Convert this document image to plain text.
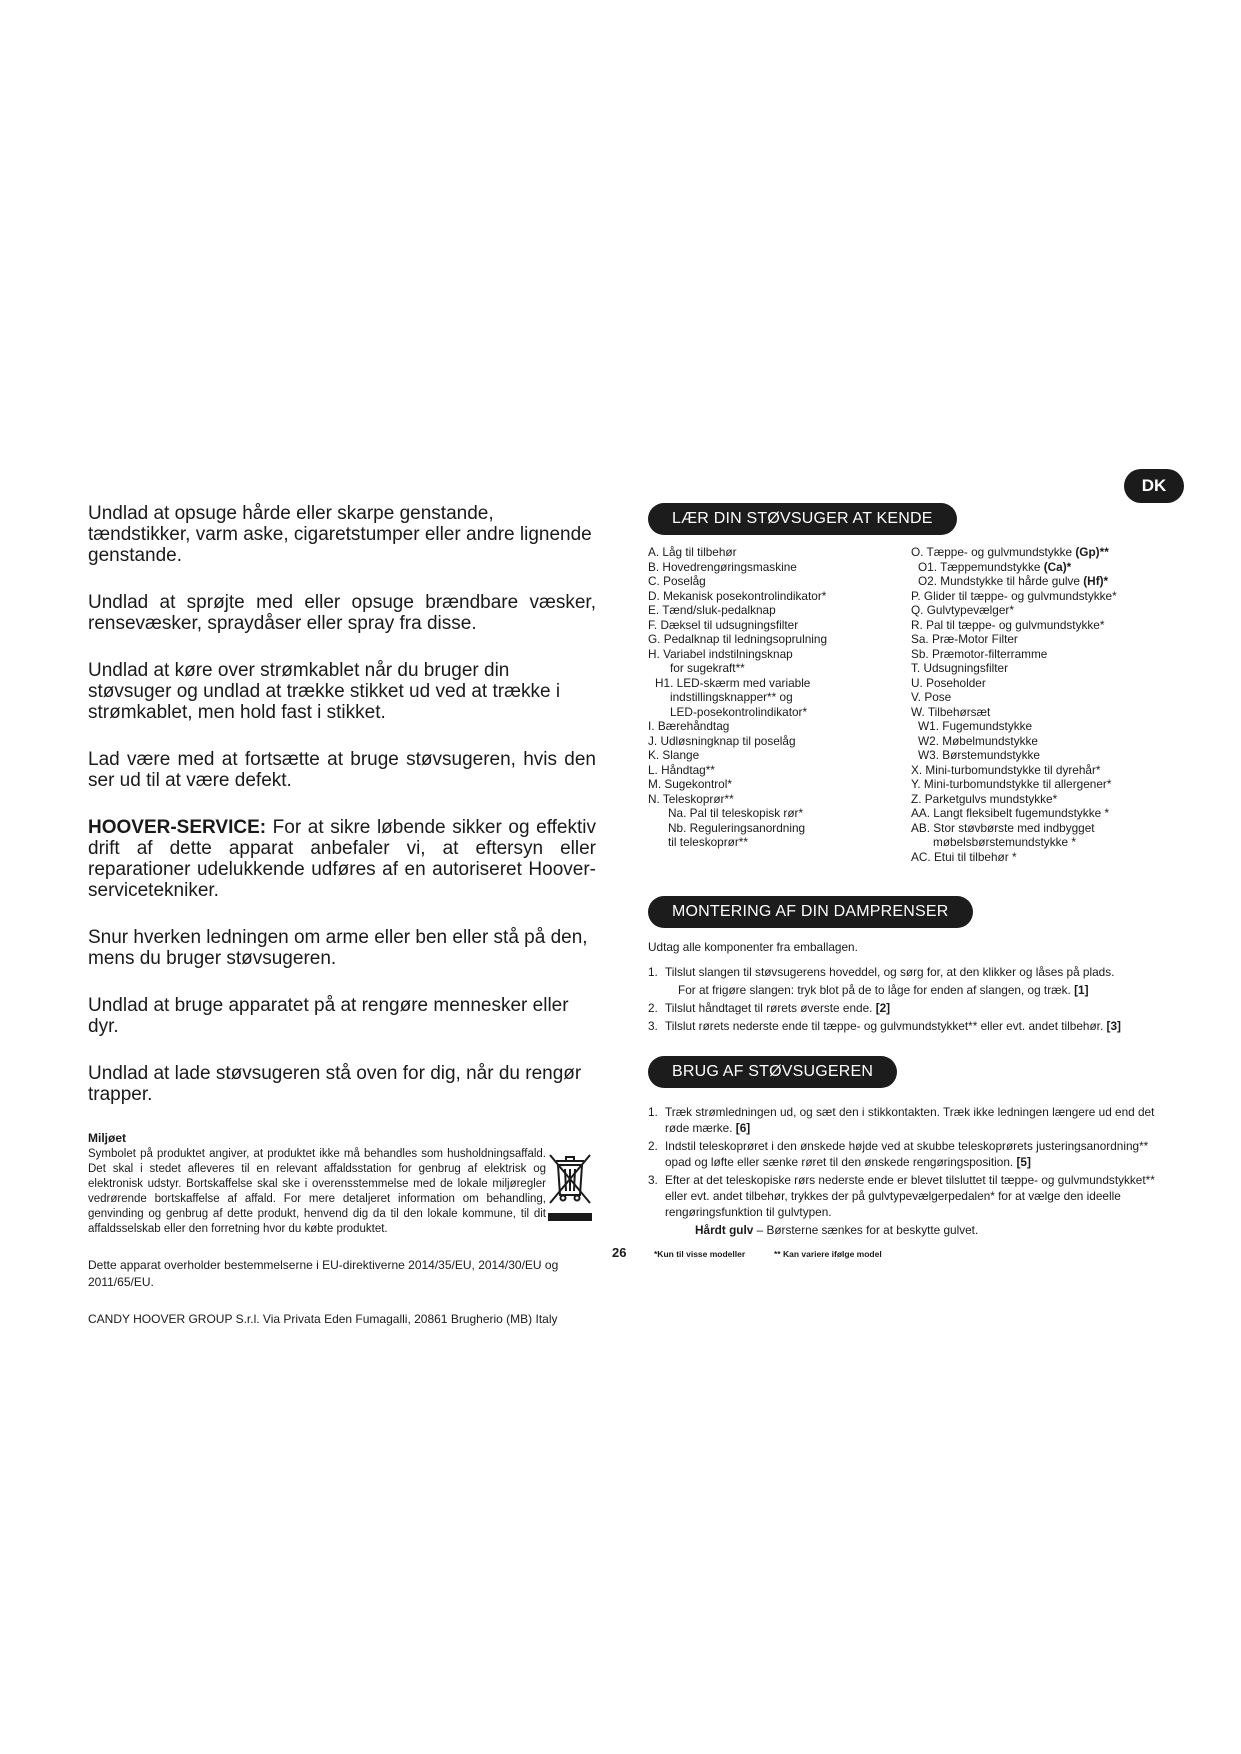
DK

Undlad at opsuge hårde eller skarpe genstande, tændstikker, varm aske, cigaretstumper eller andre lignende genstande.

Undlad at sprøjte med eller opsuge brændbare væsker, rensevæsker, spraydåser eller spray fra disse.

Undlad at køre over strømkablet når du bruger din støvsuger og undlad at trække stikket ud ved at trække i strømkablet, men hold fast i stikket.

Lad være med at fortsætte at bruge støvsugeren, hvis den ser ud til at være defekt.

HOOVER-SERVICE: For at sikre løbende sikker og effektiv drift af dette apparat anbefaler vi, at eftersyn eller reparationer udelukkende udføres af en autoriseret Hoover-servicetekniker.

Snur hverken ledningen om arme eller ben eller stå på den, mens du bruger støvsugeren.

Undlad at bruge apparatet på at rengøre mennesker eller dyr.

Undlad at lade støvsugeren stå oven for dig, når du rengør trapper.

Miljøet
Symbolet på produktet angiver, at produktet ikke må behandles som husholdningsaffald. Det skal i stedet afleveres til en relevant affaldsstation for genbrug af elektrisk og elektronisk udstyr. Bortskaffelse skal ske i overensstemmelse med de lokale miljøregler vedrørende bortskaffelse af affald. For mere detaljeret information om behandling, genvinding og genbrug af dette produkt, henvend dig da til den lokale kommune, til dit affaldsselskab eller den forretning hvor du købte produktet.

Dette apparat overholder bestemmelserne i EU-direktiverne 2014/35/EU, 2014/30/EU og 2011/65/EU.

CANDY HOOVER GROUP S.r.l. Via Privata Eden Fumagalli, 20861 Brugherio (MB) Italy

LÆR DIN STØVSUGER AT KENDE
A. Låg til tilbehør
B. Hovedrengøringsmaskine
C. Poselåg
D. Mekanisk posekontrolindikator*
E. Tænd/sluk-pedalknap
F. Dæksel til udsugningsfilter
G. Pedalknap til ledningsoprulning
H. Variabel indstilningsknap
for sugekraft**
H1. LED-skærm med variable
indstillingsknapper** og
LED-posekontrolindikator*
I. Bærehåndtag
J. Udløsningknap til poselåg
K. Slange
L. Håndtag**
M. Sugekontrol*
N. Teleskoprør**
Na. Pal til teleskopisk rør*
Nb. Reguleringsanordning
til teleskoprør**
O. Tæppe- og gulvmundstykke (Gp)**
O1. Tæppemundstykke (Ca)*
O2. Mundstykke til hårde gulve (Hf)*
P. Glider til tæppe- og gulvmundstykke*
Q. Gulvtypevælger*
R. Pal til tæppe- og gulvmundstykke*
Sa. Præ-Motor Filter
Sb. Præmotor-filterramme
T. Udsugningsfilter
U. Poseholder
V. Pose
W. Tilbehørsæt
W1. Fugemundstykke
W2. Møbelmundstykke
W3. Børstemundstykke
X. Mini-turbomundstykke til dyrehår*
Y. Mini-turbomundstykke til allergener*
Z. Parketgulvs mundstykke*
AA. Langt fleksibelt fugemundstykke *
AB. Stor støvbørste med indbygget
møbelsbørstemundstykke *
AC. Etui til tilbehør *
MONTERING AF DIN DAMPRENSER
Udtag alle komponenter fra emballagen.
1. Tilslut slangen til støvsugerens hoveddel, og sørg for, at den klikker og låses på plads.
For at frigøre slangen: tryk blot på de to låge for enden af slangen, og træk. [1]
2. Tilslut håndtaget til rørets øverste ende. [2]
3. Tilslut rørets nederste ende til tæppe- og gulvmundstykket** eller evt. andet tilbehør. [3]
BRUG AF STØVSUGEREN
1. Træk strømledningen ud, og sæt den i stikkontakten. Træk ikke ledningen længere ud end det røde mærke. [6]
2. Indstil teleskoprøret i den ønskede højde ved at skubbe teleskoprørets justeringsanordning** opad og løfte eller sænke røret til den ønskede rengøringsposition. [5]
3. Efter at det teleskopiske rørs nederste ende er blevet tilsluttet til tæppe- og gulvmundstykket** eller evt. andet tilbehør, trykkes der på gulvtypevælgerpedalen* for at vælge den ideelle rengøringsfunktion til gulvtypen.
Hårdt gulv – Børsterne sænkes for at beskytte gulvet.
26	*Kun til visse modeller	** Kan variere ifølge model
